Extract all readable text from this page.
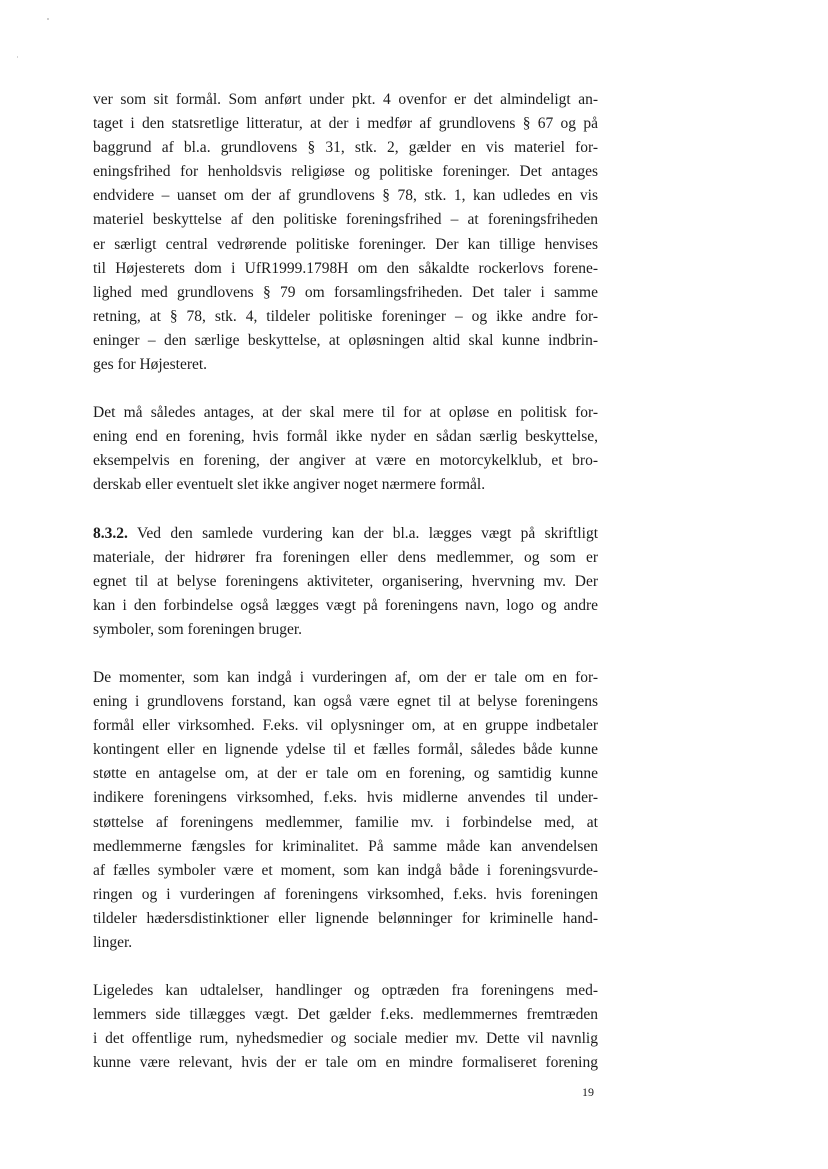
ver som sit formål. Som anført under pkt. 4 ovenfor er det almindeligt an-
taget i den statsretlige litteratur, at der i medfør af grundlovens § 67 og på
baggrund af bl.a. grundlovens § 31, stk. 2, gælder en vis materiel for-
eningsfrihed for henholdsvis religiøse og politiske foreninger. Det antages
endvidere – uanset om der af grundlovens § 78, stk. 1, kan udledes en vis
materiel beskyttelse af den politiske foreningsfrihed – at foreningsfriheden
er særligt central vedrørende politiske foreninger. Der kan tillige henvises
til Højesterets dom i UfR1999.1798H om den såkaldte rockerlovs forene-
lighed med grundlovens § 79 om forsamlingsfriheden. Det taler i samme
retning, at § 78, stk. 4, tildeler politiske foreninger – og ikke andre for-
eninger – den særlige beskyttelse, at opløsningen altid skal kunne indbrin-
ges for Højesteret.
Det må således antages, at der skal mere til for at opløse en politisk for-
ening end en forening, hvis formål ikke nyder en sådan særlig beskyttelse,
eksempelvis en forening, der angiver at være en motorcykelklub, et bro-
derskab eller eventuelt slet ikke angiver noget nærmere formål.
8.3.2. Ved den samlede vurdering kan der bl.a. lægges vægt på skriftligt
materiale, der hidrører fra foreningen eller dens medlemmer, og som er
egnet til at belyse foreningens aktiviteter, organisering, hvervning mv. Der
kan i den forbindelse også lægges vægt på foreningens navn, logo og andre
symboler, som foreningen bruger.
De momenter, som kan indgå i vurderingen af, om der er tale om en for-
ening i grundlovens forstand, kan også være egnet til at belyse foreningens
formål eller virksomhed. F.eks. vil oplysninger om, at en gruppe indbetaler
kontingent eller en lignende ydelse til et fælles formål, således både kunne
støtte en antagelse om, at der er tale om en forening, og samtidig kunne
indikere foreningens virksomhed, f.eks. hvis midlerne anvendes til under-
støttelse af foreningens medlemmer, familie mv. i forbindelse med, at
medlemmerne fængsles for kriminalitet. På samme måde kan anvendelsen
af fælles symboler være et moment, som kan indgå både i foreningsvurde-
ringen og i vurderingen af foreningens virksomhed, f.eks. hvis foreningen
tildeler hædersdistinktioner eller lignende belønninger for kriminelle hand-
linger.
Ligeledes kan udtalelser, handlinger og optræden fra foreningens med-
lemmers side tillægges vægt. Det gælder f.eks. medlemmernes fremtræden
i det offentlige rum, nyhedsmedier og sociale medier mv. Dette vil navnlig
kunne være relevant, hvis der er tale om en mindre formaliseret forening
19
